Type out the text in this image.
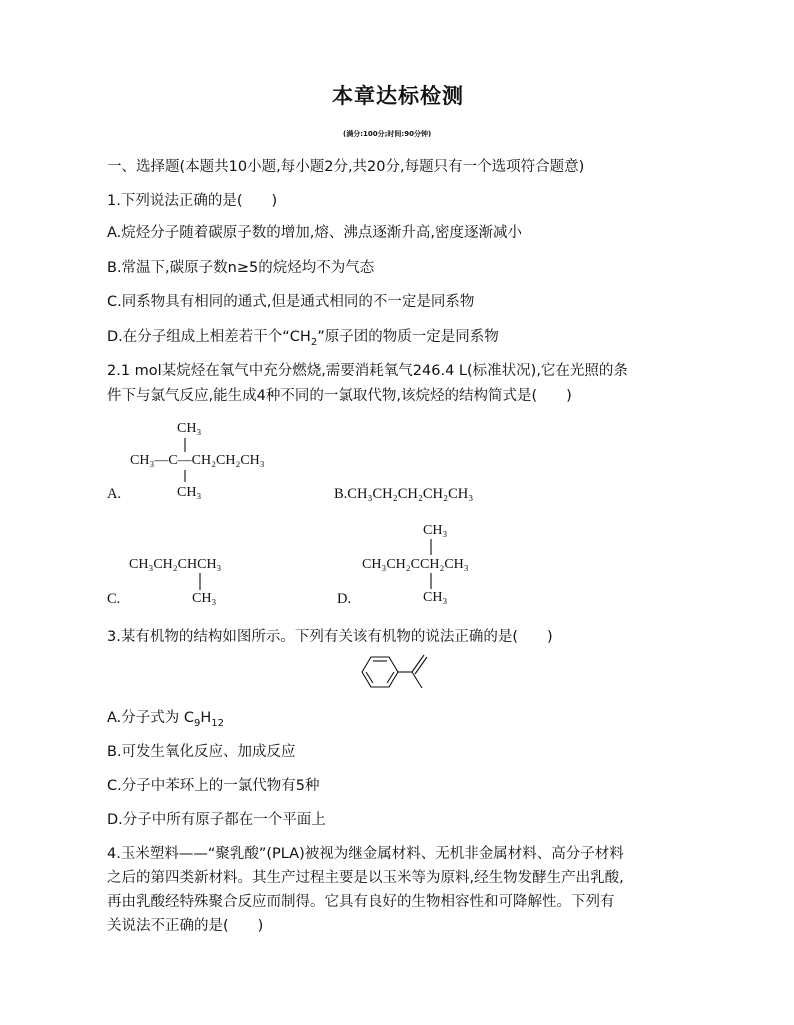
本章达标检测
(满分:100分;时间:90分钟)
一、选择题(本题共10小题,每小题2分,共20分,每题只有一个选项符合题意)
1.下列说法正确的是(　　)
A.烷烃分子随着碳原子数的增加,熔、沸点逐渐升高,密度逐渐减小
B.常温下,碳原子数n≥5的烷烃均不为气态
C.同系物具有相同的通式,但是通式相同的不一定是同系物
D.在分子组成上相差若干个“$CH_2$”原子团的物质一定是同系物
2.1 mol某烷烃在氧气中充分燃烧,需要消耗氧气246.4 L(标准状况),它在光照的条
件下与氯气反应,能生成4种不同的一氯取代物,该烷烃的结构简式是(　　)
CH₃
CH₃—C—CH₂CH₂CH₃
CH₃
A.	B.CH₃CH₂CH₂CH₂CH₃
CH₃CH₂CHCH₃
CH₃
C.
CH₃
CH₃CH₂CCH₂CH₃
CH₃
D.
3.某有机物的结构如图所示。下列有关该有机物的说法正确的是(　　)
A.分子式为 $C_9H_{12}$
B.可发生氧化反应、加成反应
C.分子中苯环上的一氯代物有5种
D.分子中所有原子都在一个平面上
4.玉米塑料——“聚乳酸”(PLA)被视为继金属材料、无机非金属材料、高分子材料
之后的第四类新材料。其生产过程主要是以玉米等为原料,经生物发酵生产出乳酸,
再由乳酸经特殊聚合反应而制得。它具有良好的生物相容性和可降解性。下列有
关说法不正确的是(　　)
